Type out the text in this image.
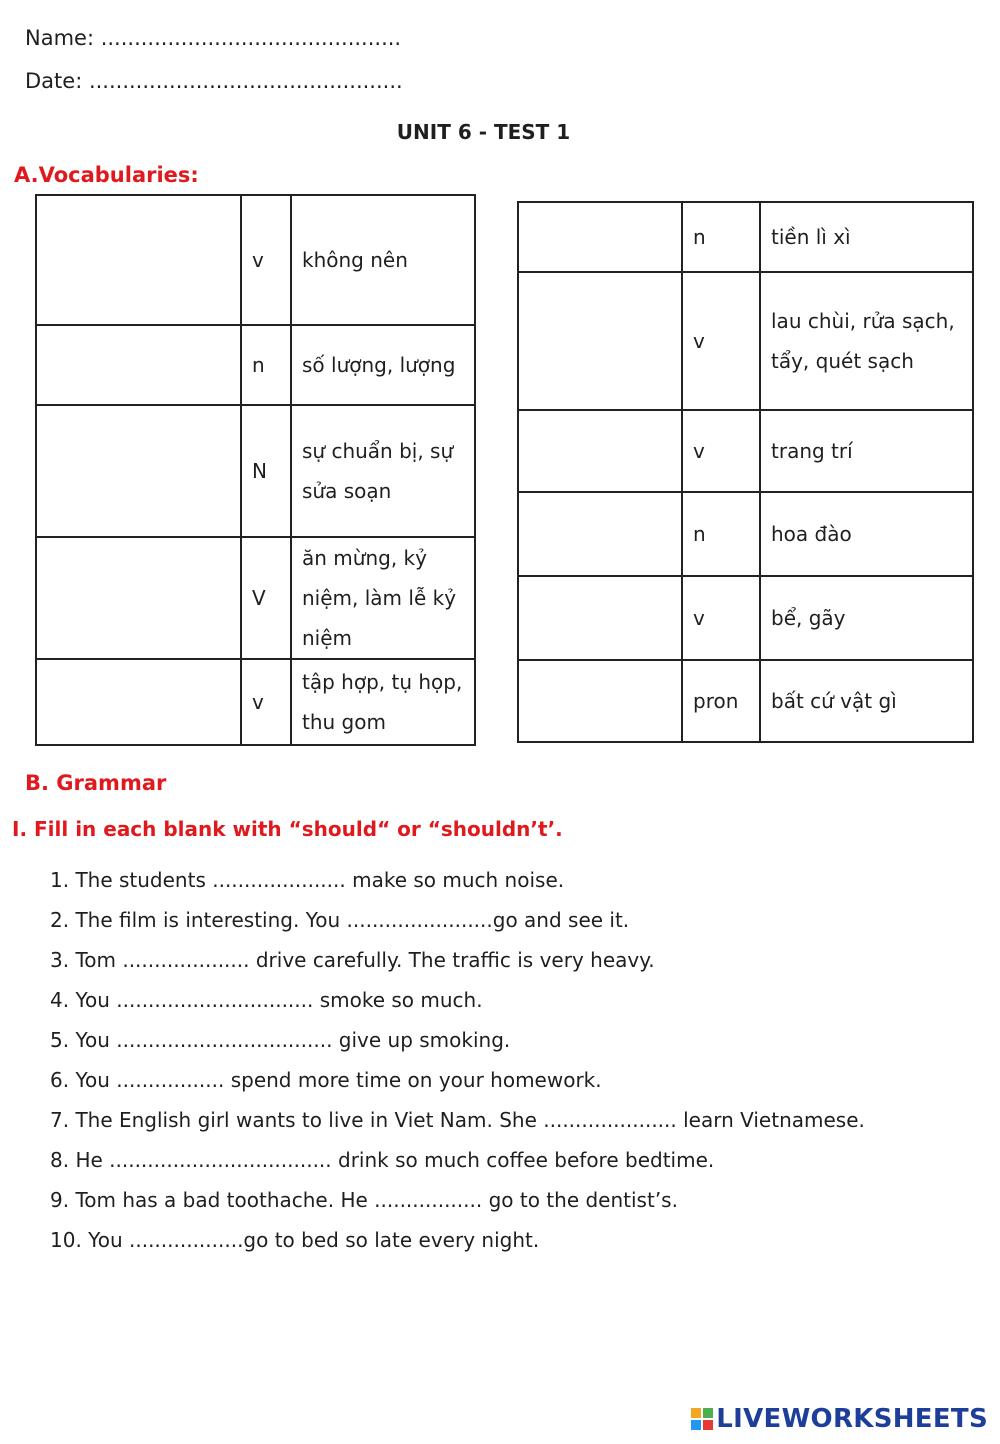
Name: .............................................
Date: ...............................................
UNIT 6 - TEST 1
A.Vocabularies:
	v	không nên
	n	số lượng, lượng
	N	sự chuẩn bị, sự sửa soạn
	V	ăn mừng, kỷ niệm, làm lễ kỷ niệm
	v	tập hợp, tụ họp, thu gom
	n	tiền lì xì
	v	lau chùi, rửa sạch, tẩy, quét sạch
	v	trang trí
	n	hoa đào
	v	bể, gãy
	pron	bất cứ vật gì
B. Grammar
I. Fill in each blank with “should“ or “shouldn’t’.
1. The students ..................... make so much noise.
2. The film is interesting. You .......................go and see it.
3. Tom .................... drive carefully. The traffic is very heavy.
4. You ............................... smoke so much.
5. You .................................. give up smoking.
6. You ................. spend more time on your homework.
7. The English girl wants to live in Viet Nam. She ..................... learn Vietnamese.
8. He ................................... drink so much coffee before bedtime.
9. Tom has a bad toothache. He ................. go to the dentist’s.
10. You ..................go to bed so late every night.
LIVEWORKSHEETS
